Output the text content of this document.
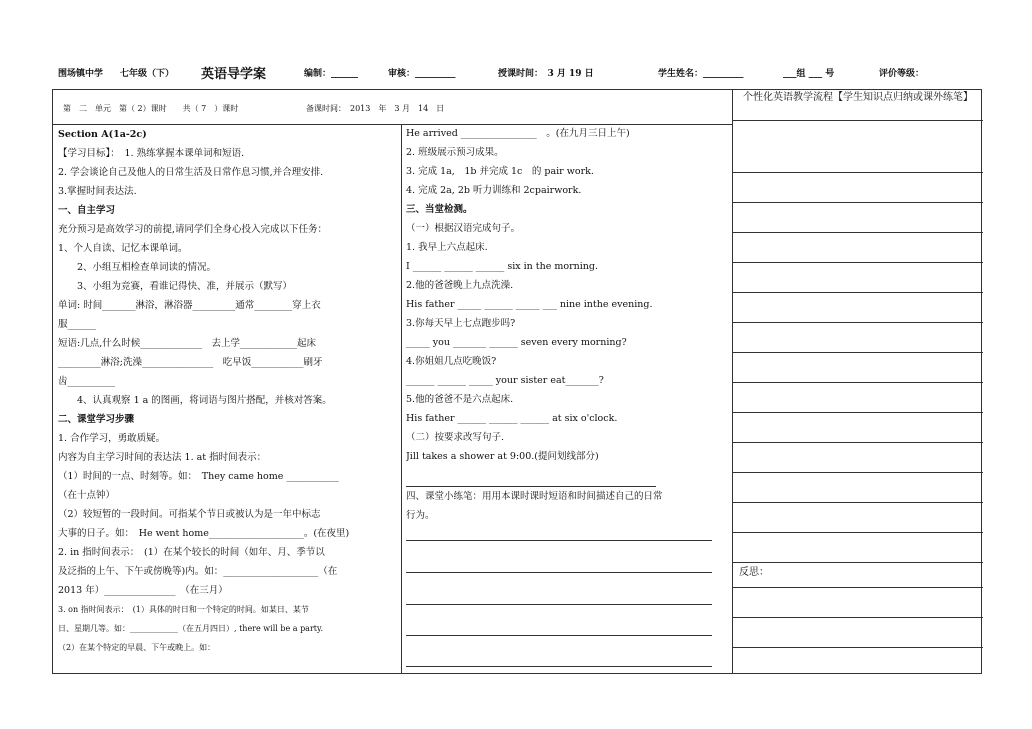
围场镇中学 七年级（下） 英语导学案	编制：______	审核：_________	授课时间：　3 月 19 日	学生姓名：_________	___组 ___ 号	评价等级：
第　二　单元　第（ 2）课时　　共（ 7　）课时	备课时间：　2013　年　3 月　14　日
个性化英语教学流程【学生知识点归纳或课外练笔】
反思：
Section A(1a-2c)
【学习目标】：　1. 熟练掌握本课单词和短语.
2. 学会谈论自己及他人的日常生活及日常作息习惯,并合理安排.
3.掌握时间表达法.
一、自主学习
充分预习是高效学习的前提,请同学们全身心投入完成以下任务：
1、个人自读、记忆本课单词。
　　2、小组互相检查单词读的情况。
　　3、小组为竞赛，看谁记得快、准，并展示（默写）
单词: 时间_______淋浴，淋浴器_________通常________穿上衣
服______
短语:几点,什么时候_____________　去上学____________起床
_________淋浴;洗澡_______________　吃早饭___________刷牙
齿__________
　　4、认真观察 1 a 的图画，将词语与图片搭配，并核对答案。
二、课堂学习步骤
1. 合作学习，勇敢质疑。
内容为自主学习时间的表达法 1. at 指时间表示：
（1）时间的一点、时刻等。如：　They came home ___________
（在十点钟）
（2）较短暂的一段时间。可指某个节日或被认为是一年中标志
大事的日子。如：　He went home____________________。(在夜里)
2. in 指时间表示：　(1）在某个较长的时间（如年、月、季节以
及泛指的上午、下午或傍晚等)内。如：____________________（在
2013 年）_______________　（在三月）
3. on 指时间表示：　(1）具体的时日和一个特定的时间。如某日、某节
日、星期几等。如：____________（在五月四日）, there will be a party.
（2）在某个特定的早晨、下午或晚上。如：
He arrived ________________　。(在九月三日上午)
2. 班级展示预习成果。
3. 完成 1a,　1b 并完成 1c　的 pair work.
4. 完成 2a, 2b 听力训练和 2cpairwork.
三、当堂检测。
（一）根据汉语完成句子。
1. 我早上六点起床.
I ______ ______ ______ six in the morning.
2.他的爸爸晚上九点洗澡.
His father _____ ______ _____ ___ nine inthe evening.
3.你每天早上七点跑步吗?
_____ you _______ ______ seven every morning?
4.你姐姐几点吃晚饭?
______ ______ _____ your sister eat_______?
5.他的爸爸不是六点起床.
His father ______ ______ ______ at six o'clock.
（二）按要求改写句子.
Jill takes a shower at 9:00.(提问划线部分)
四、课堂小练笔：用用本课时课时短语和时间描述自己的日常
行为。
